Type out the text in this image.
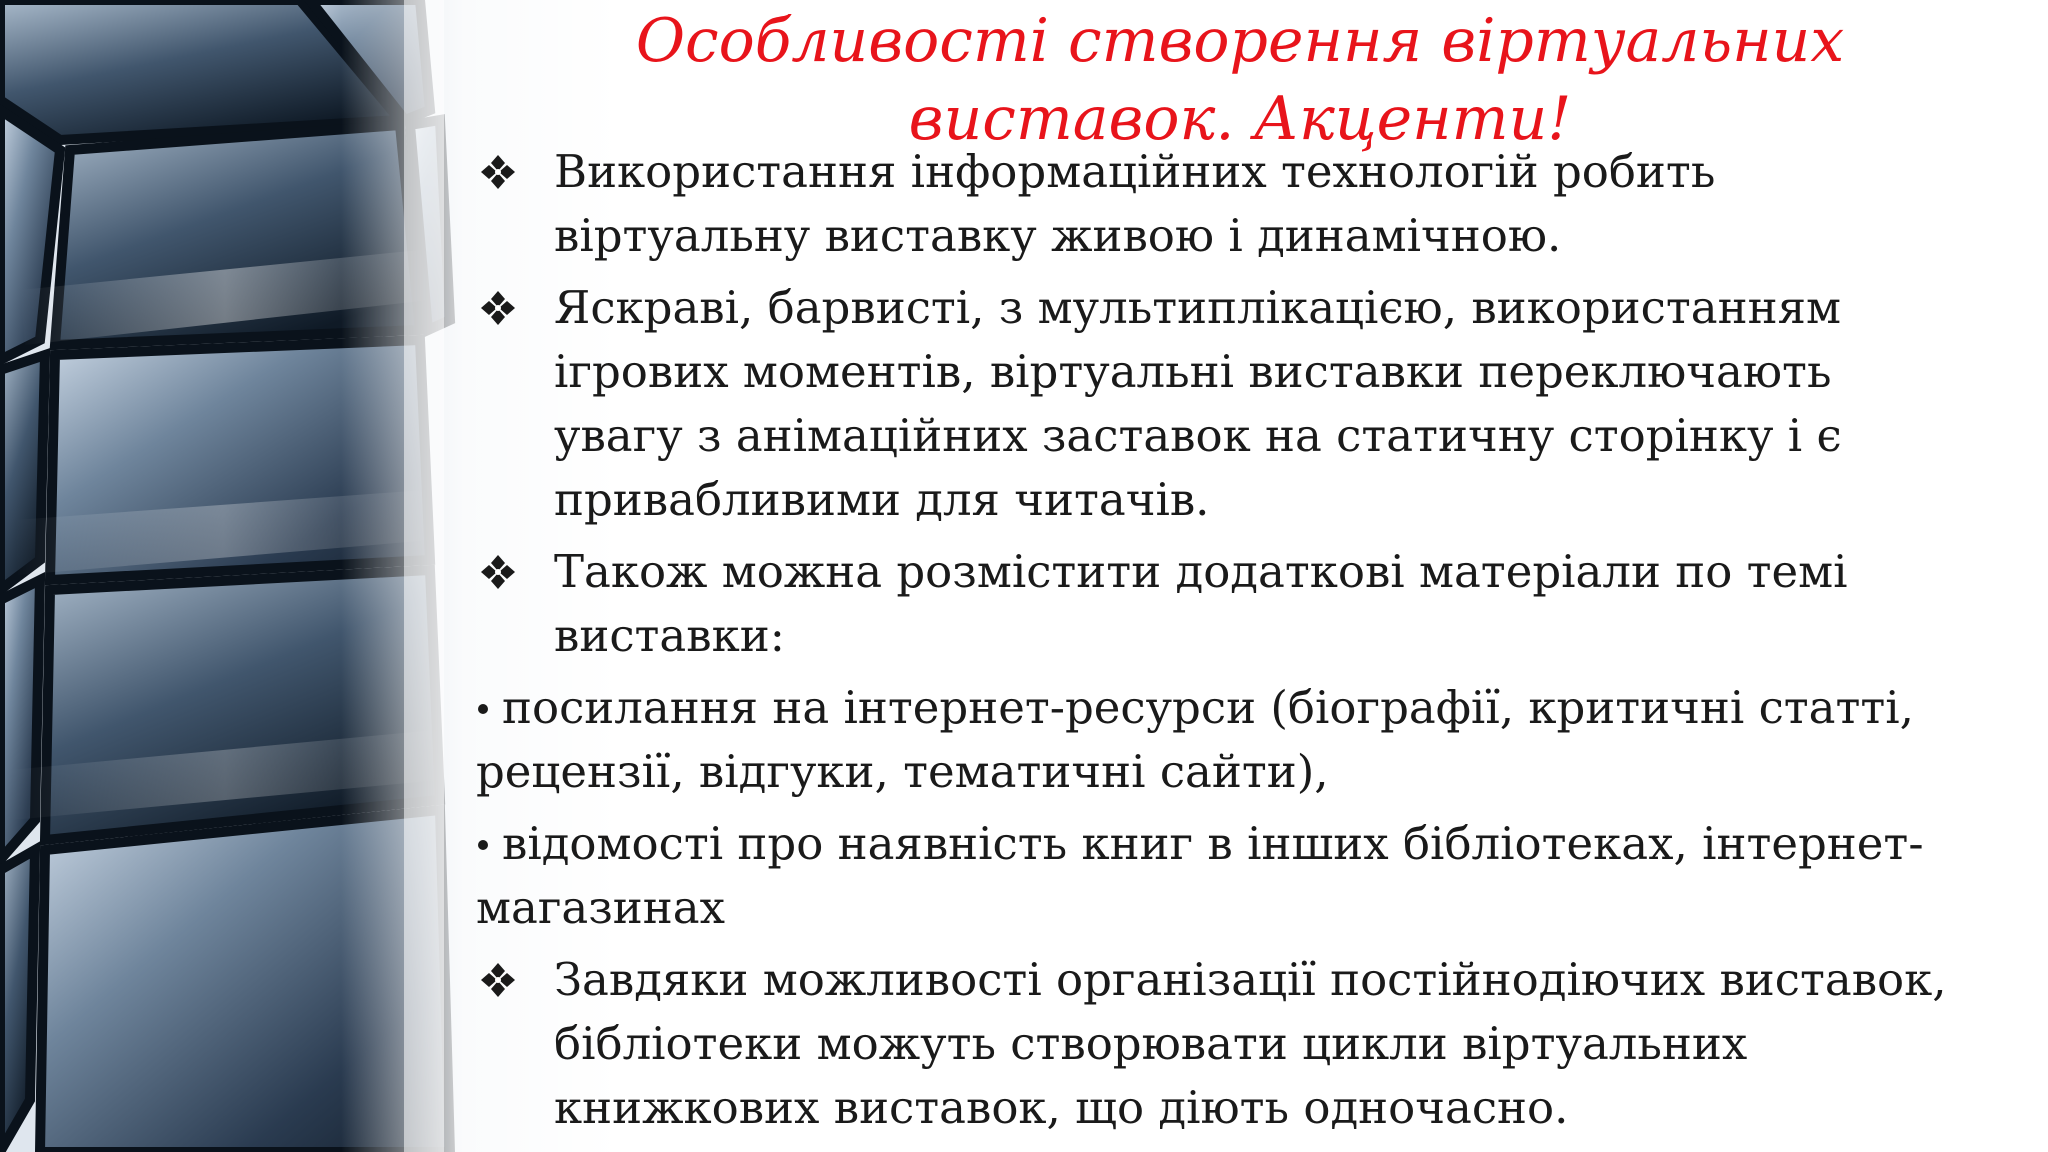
Особливості створення віртуальних виставок. Акценти!
Використання інформаційних технологій робить віртуальну виставку живою і динамічною.
Яскраві, барвисті, з мультиплікацією, використанням ігрових моментів, віртуальні виставки переключають увагу з анімаційних заставок на статичну сторінку і є привабливими для читачів.
Також можна розмістити додаткові матеріали по темі виставки:
посилання на інтернет-ресурси (біографії, критичні статті, рецензії, відгуки, тематичні сайти),
відомості про наявність книг в інших бібліотеках, інтернет-магазинах
Завдяки можливості організації постійнодіючих виставок, бібліотеки можуть створювати цикли віртуальних книжкових виставок, що діють одночасно.
